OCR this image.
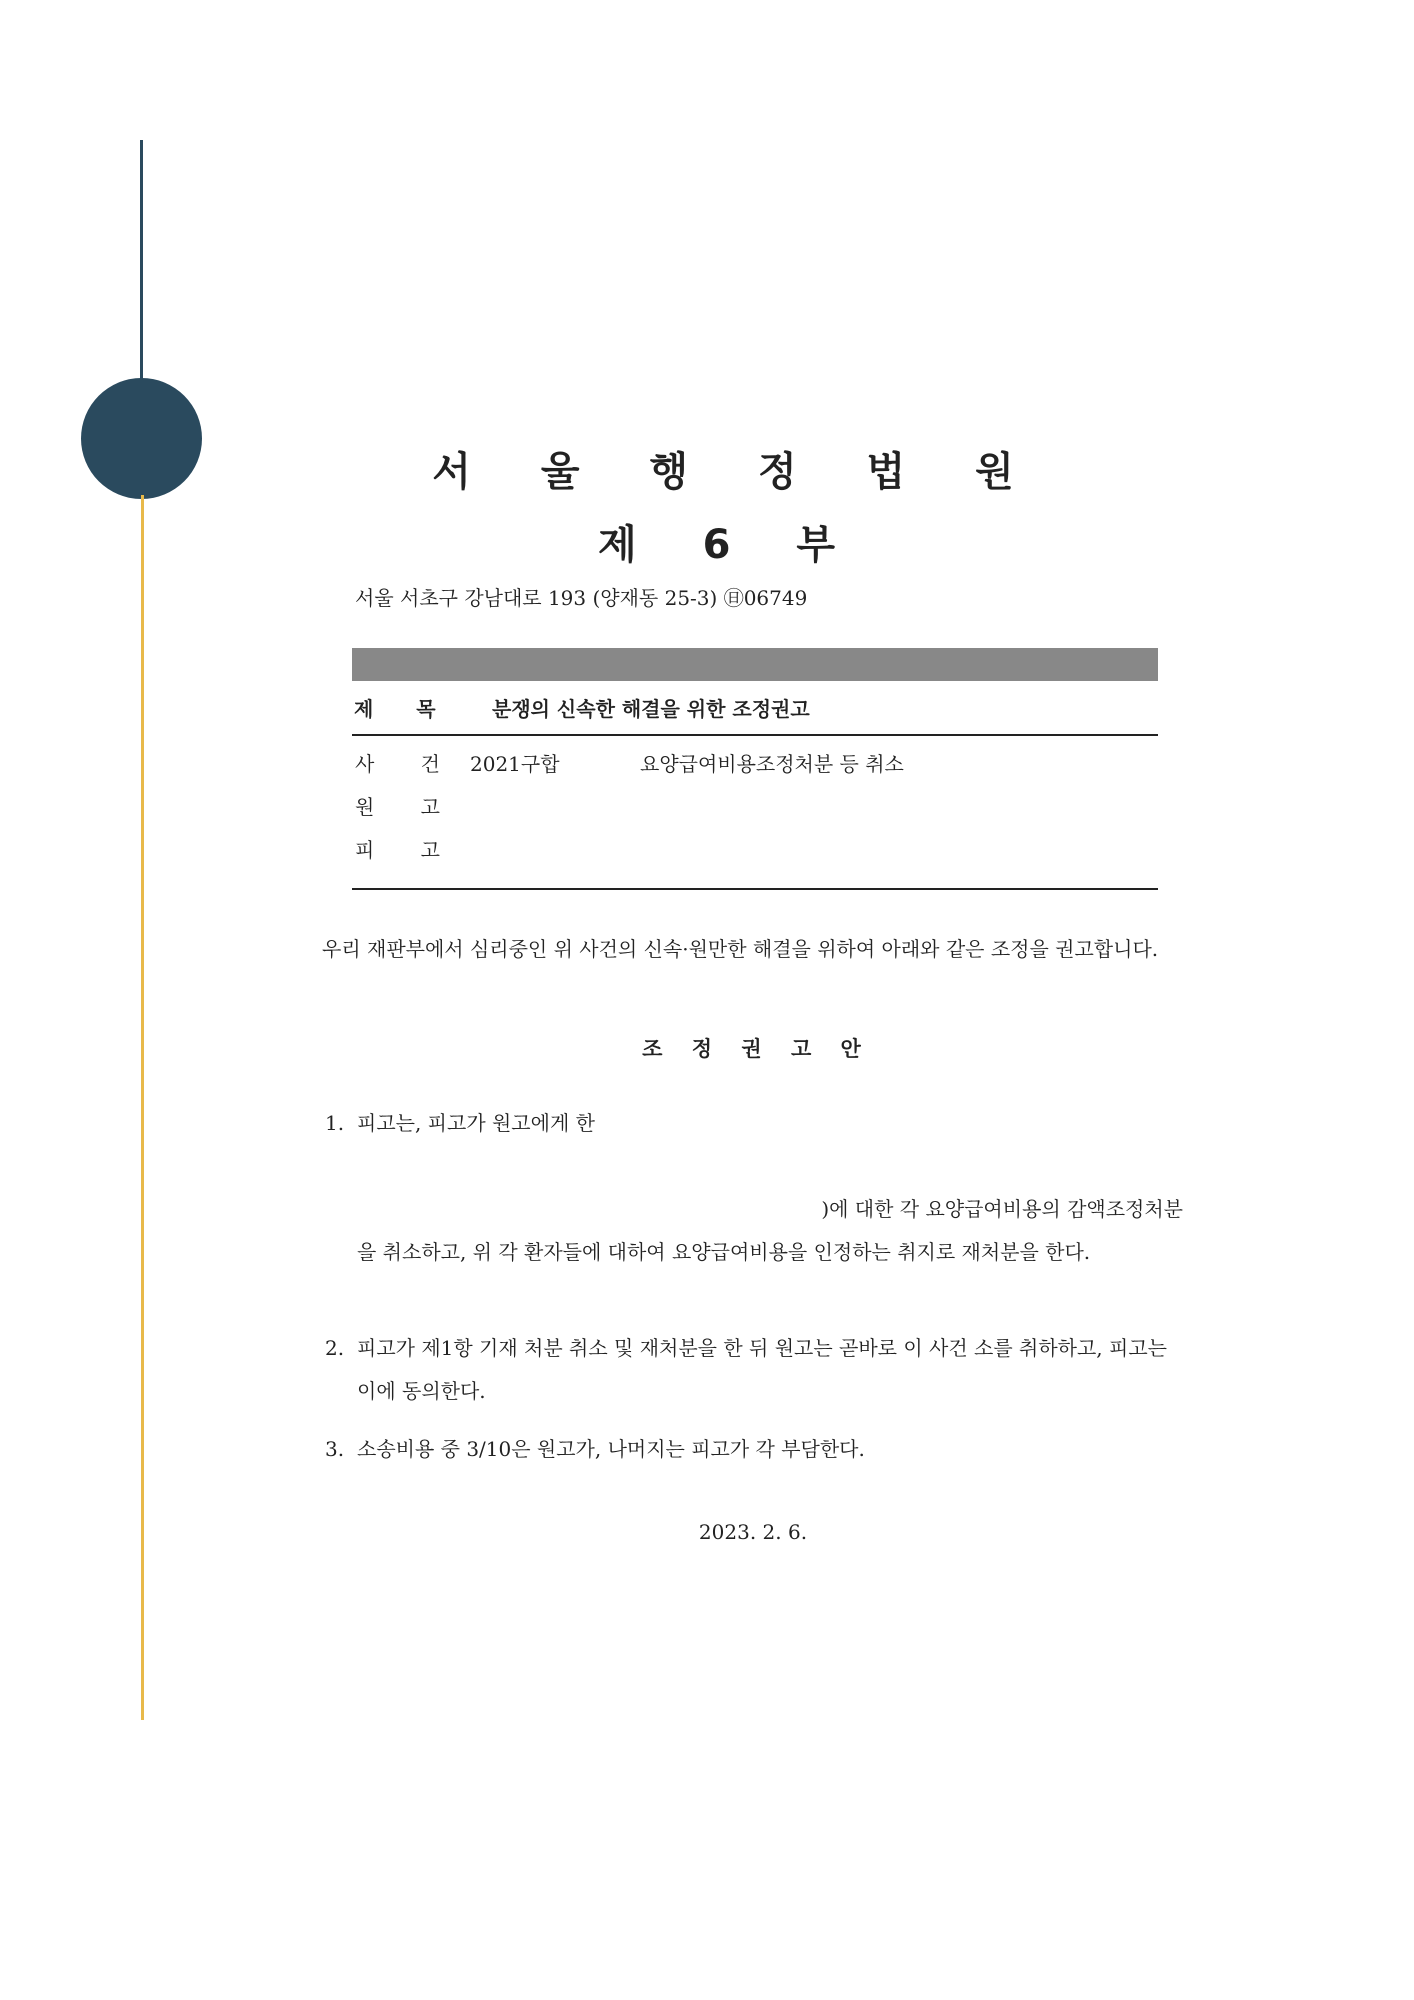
서 울 행 정 법 원
제 6 부
서울 서초구 강남대로 193 (양재동 25-3) ㊐06749
제 목 분쟁의 신속한 해결을 위한 조정권고
사 건 2021구합	요양급여비용조정처분 등 취소
원 고
피 고
우리 재판부에서 심리중인 위 사건의 신속·원만한 해결을 위하여 아래와 같은 조정을 권고합니다.
조 정 권 고 안
1. 피고는, 피고가 원고에게 한
)에 대한 각 요양급여비용의 감액조정처분
을 취소하고, 위 각 환자들에 대하여 요양급여비용을 인정하는 취지로 재처분을 한다.
2. 피고가 제1항 기재 처분 취소 및 재처분을 한 뒤 원고는 곧바로 이 사건 소를 취하하고, 피고는 이에 동의한다.
3. 소송비용 중 3/10은 원고가, 나머지는 피고가 각 부담한다.
2023. 2. 6.
